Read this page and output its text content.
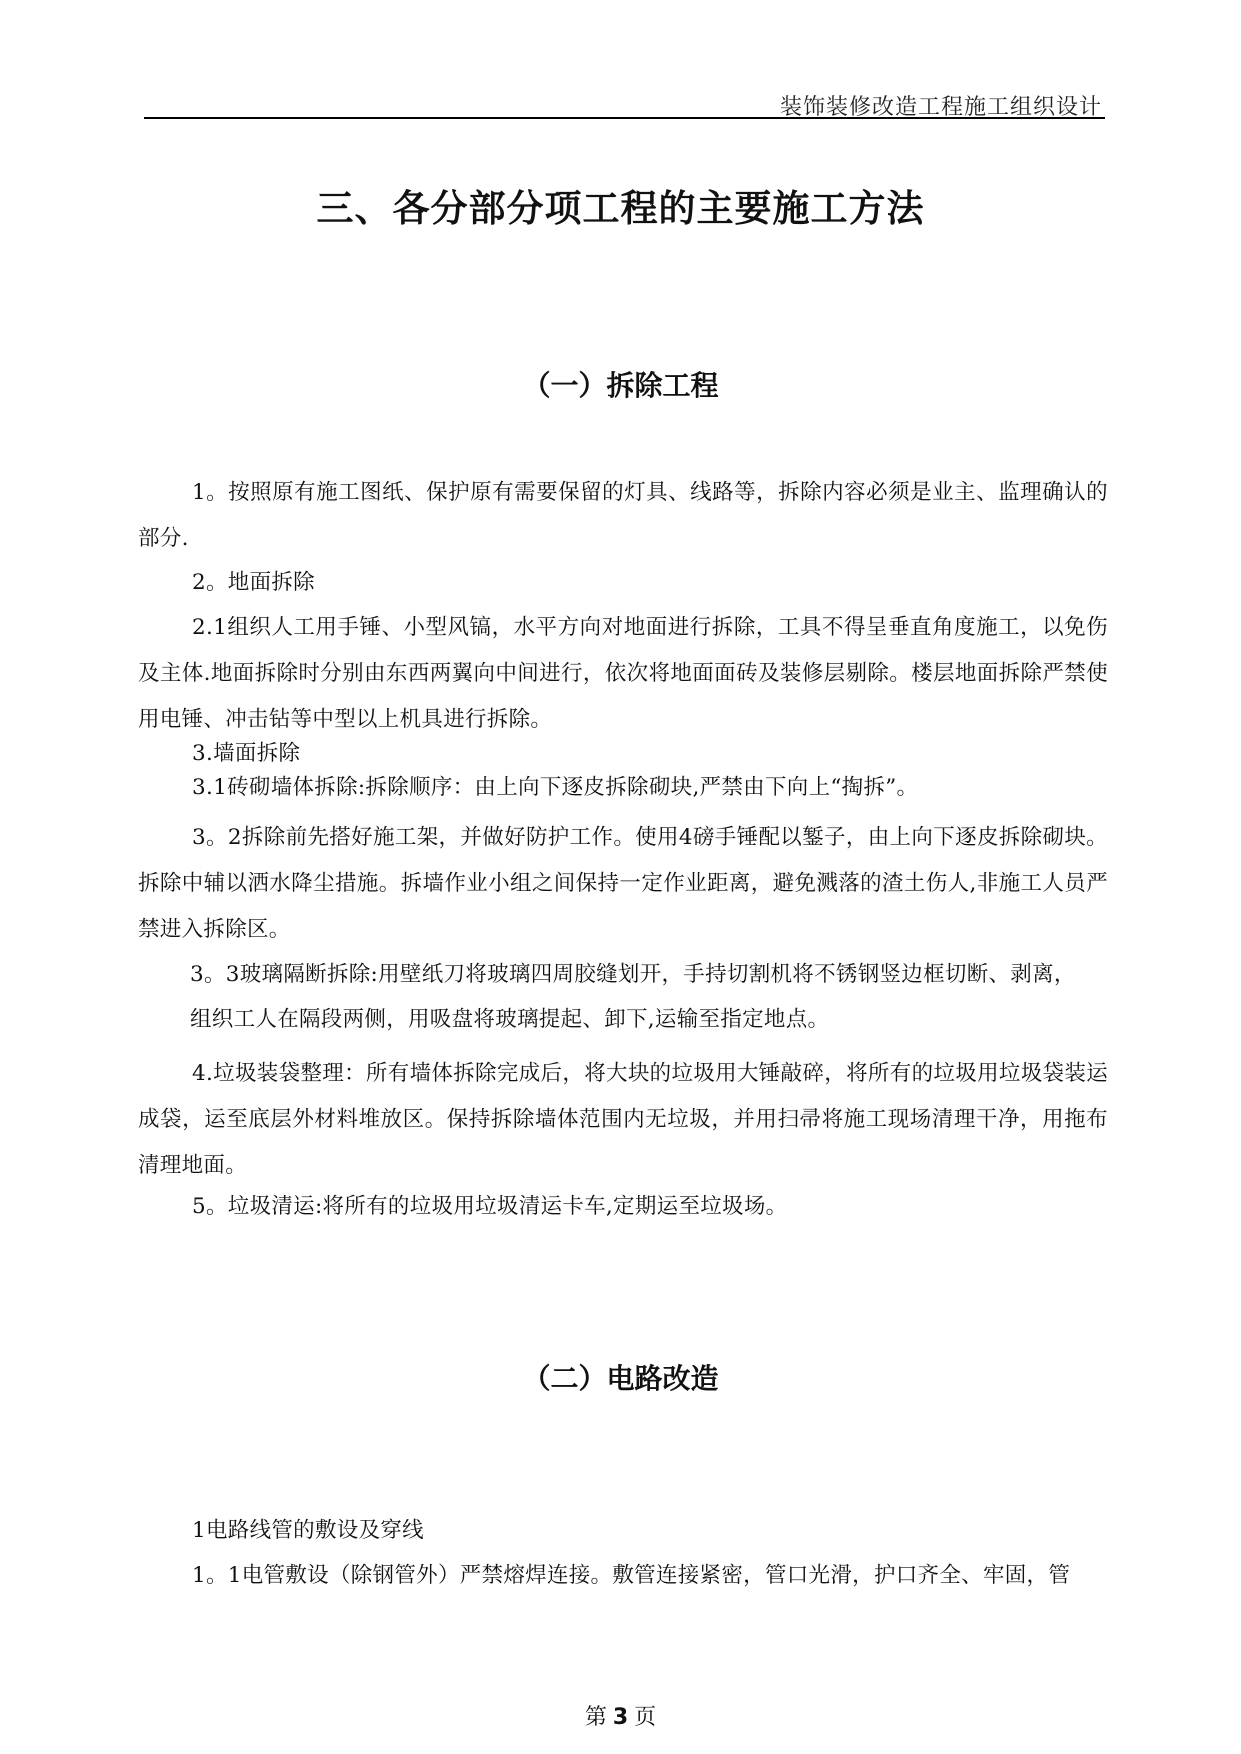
装饰装修改造工程施工组织设计
三、各分部分项工程的主要施工方法
（一）拆除工程

1。按照原有施工图纸、保护原有需要保留的灯具、线路等，拆除内容必须是业主、监理确认的部分.

2。地面拆除

2.1组织人工用手锤、小型风镐，水平方向对地面进行拆除，工具不得呈垂直角度施工，以免伤及主体.地面拆除时分别由东西两翼向中间进行，依次将地面面砖及装修层剔除。楼层地面拆除严禁使用电锤、冲击钻等中型以上机具进行拆除。

3.墙面拆除

3.1砖砌墙体拆除:拆除顺序：由上向下逐皮拆除砌块,严禁由下向上“掏拆”。

3。2拆除前先搭好施工架，并做好防护工作。使用4磅手锤配以錾子，由上向下逐皮拆除砌块。拆除中辅以洒水降尘措施。拆墙作业小组之间保持一定作业距离，避免溅落的渣土伤人,非施工人员严禁进入拆除区。

3。3玻璃隔断拆除:用壁纸刀将玻璃四周胶缝划开，手持切割机将不锈钢竖边框切断、剥离，

组织工人在隔段两侧，用吸盘将玻璃提起、卸下,运输至指定地点。

4.垃圾装袋整理：所有墙体拆除完成后，将大块的垃圾用大锤敲碎，将所有的垃圾用垃圾袋装运成袋，运至底层外材料堆放区。保持拆除墙体范围内无垃圾，并用扫帚将施工现场清理干净，用拖布清理地面。

5。垃圾清运:将所有的垃圾用垃圾清运卡车,定期运至垃圾场。

（二）电路改造

1电路线管的敷设及穿线

1。1电管敷设（除钢管外）严禁熔焊连接。敷管连接紧密，管口光滑，护口齐全、牢固，管

第 3 页
